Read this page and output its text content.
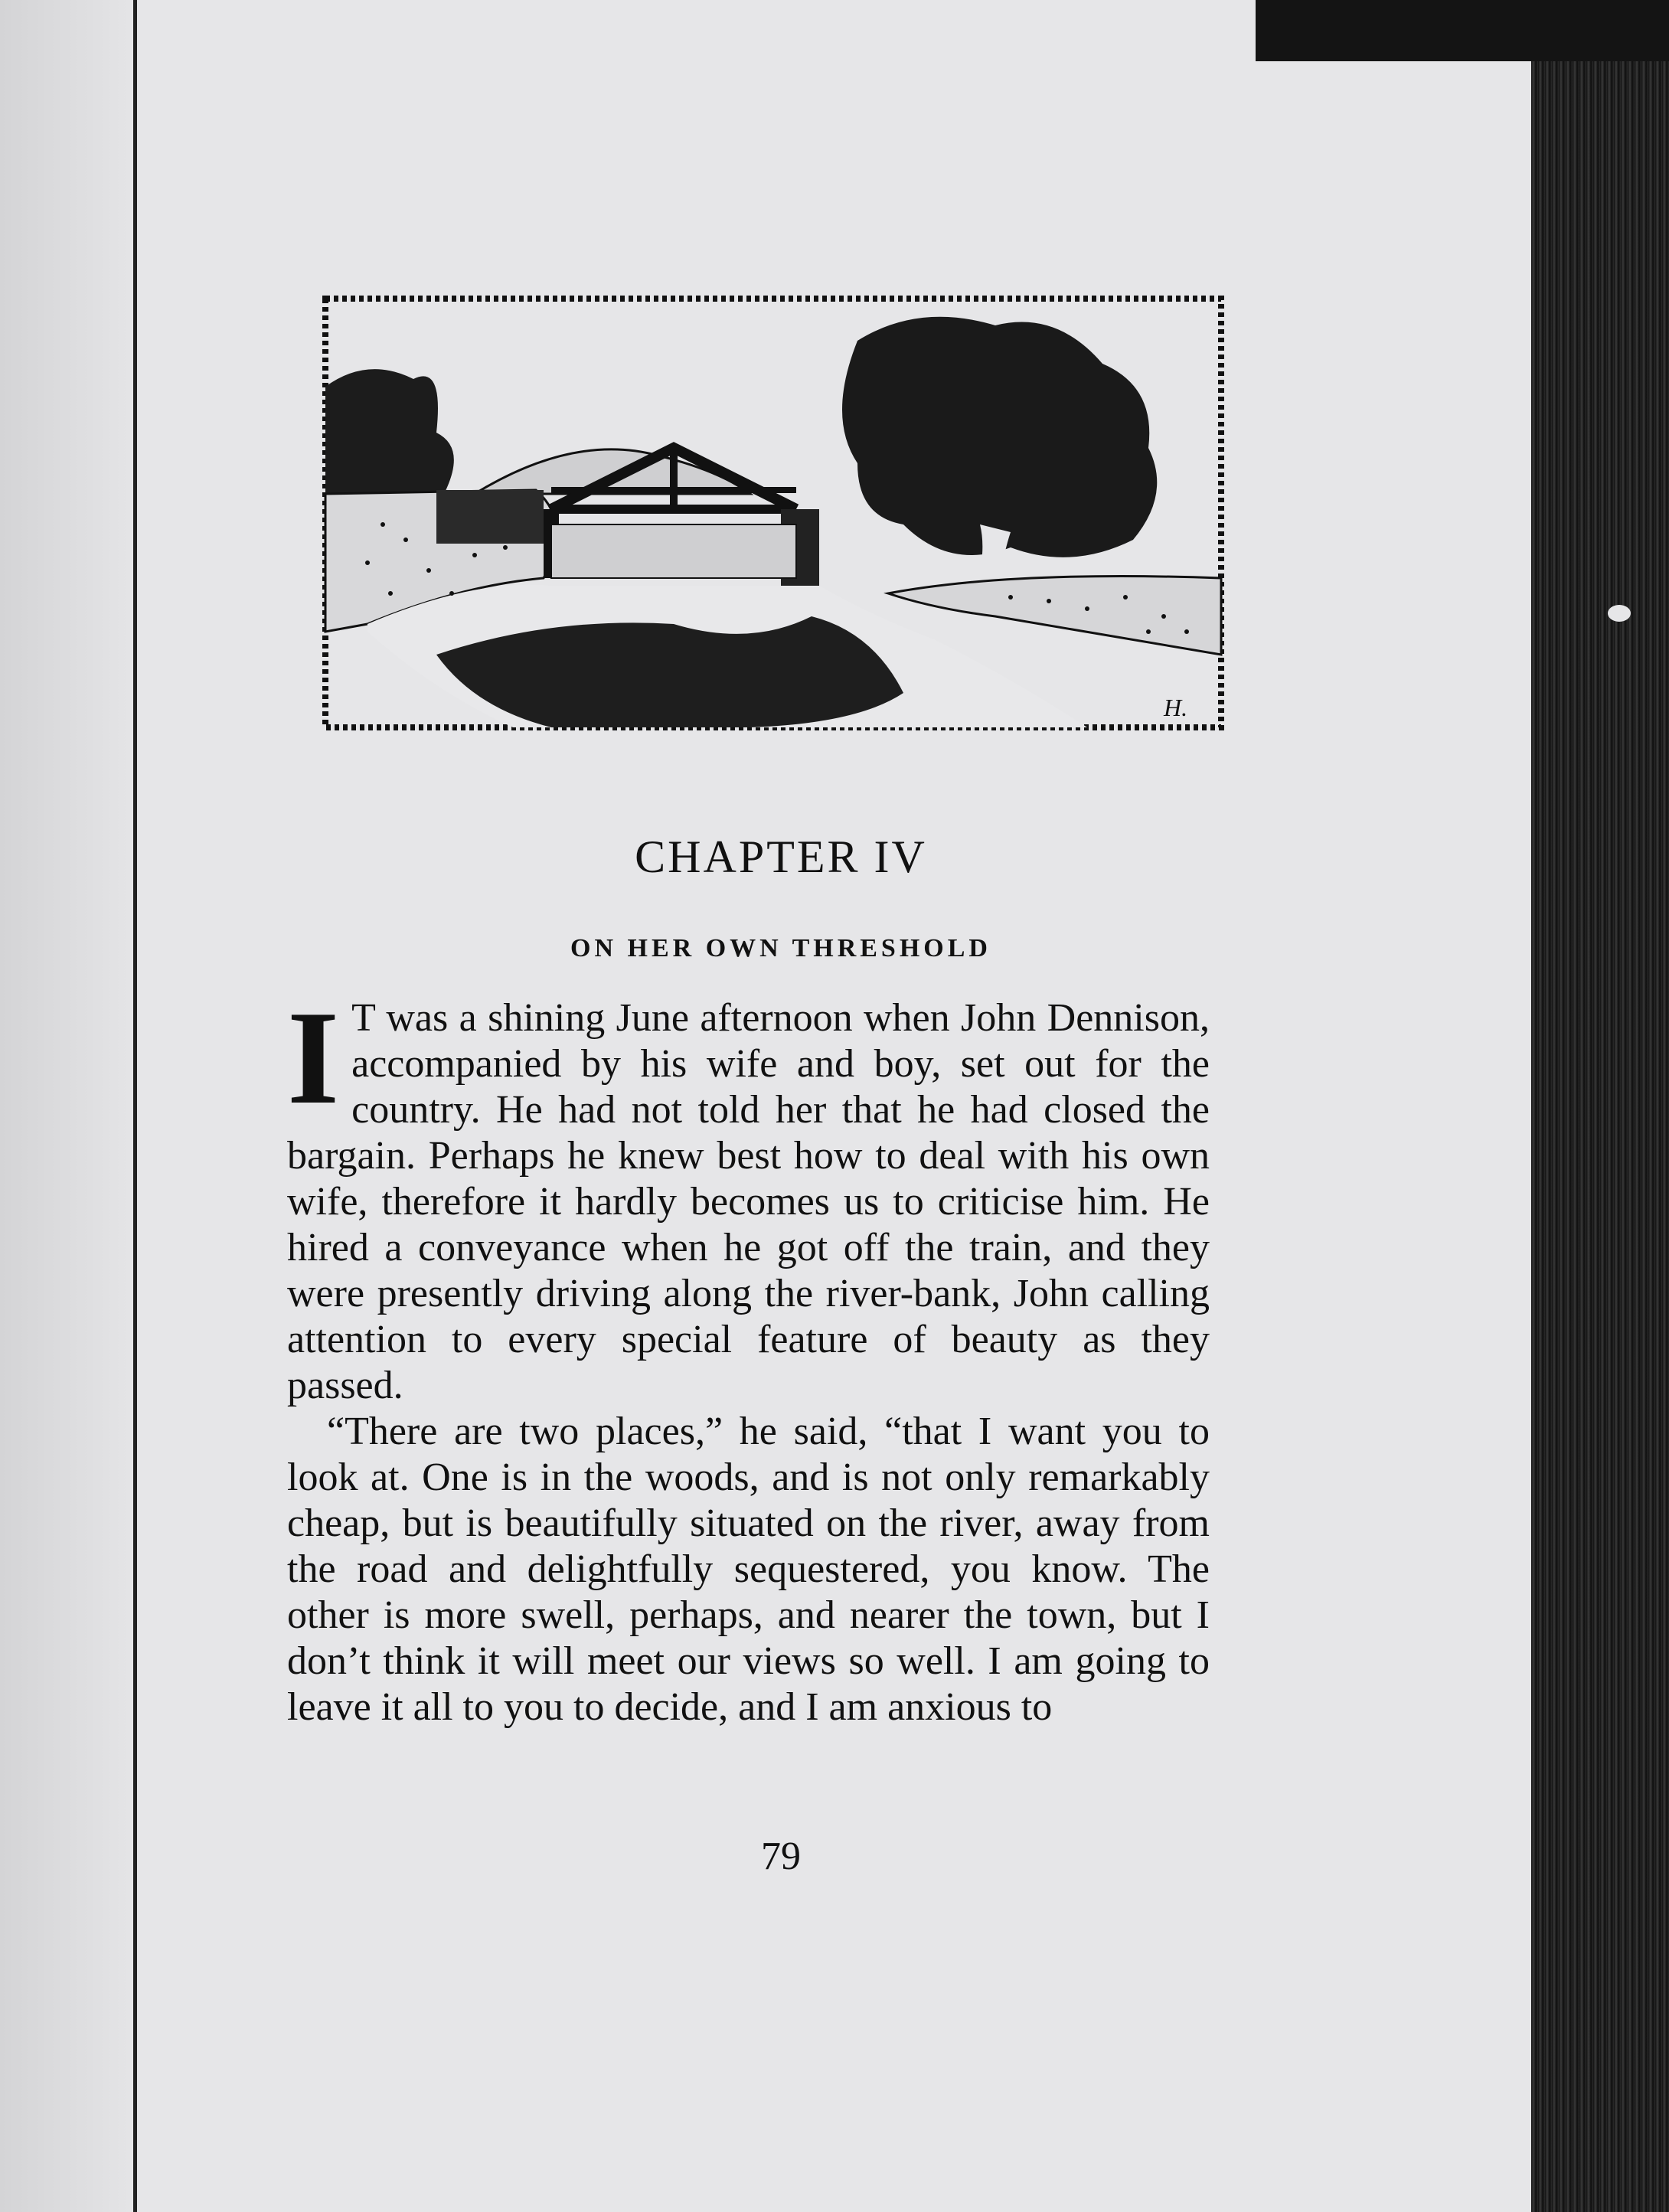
H.
CHAPTER IV
ON HER OWN THRESHOLD

I T was a shining June afternoon when John Dennison, accompanied by his wife and boy, set out for the country. He had not told her that he had closed the bargain. Perhaps he knew best how to deal with his own wife, therefore it hardly becomes us to criticise him. He hired a conveyance when he got off the train, and they were presently driving along the river-bank, John calling attention to every special feature of beauty as they passed.

“There are two places,” he said, “that I want you to look at. One is in the woods, and is not only remarkably cheap, but is beautifully situated on the river, away from the road and delightfully sequestered, you know. The other is more swell, perhaps, and nearer the town, but I don’t think it will meet our views so well. I am going to leave it all to you to decide, and I am anxious to

79
